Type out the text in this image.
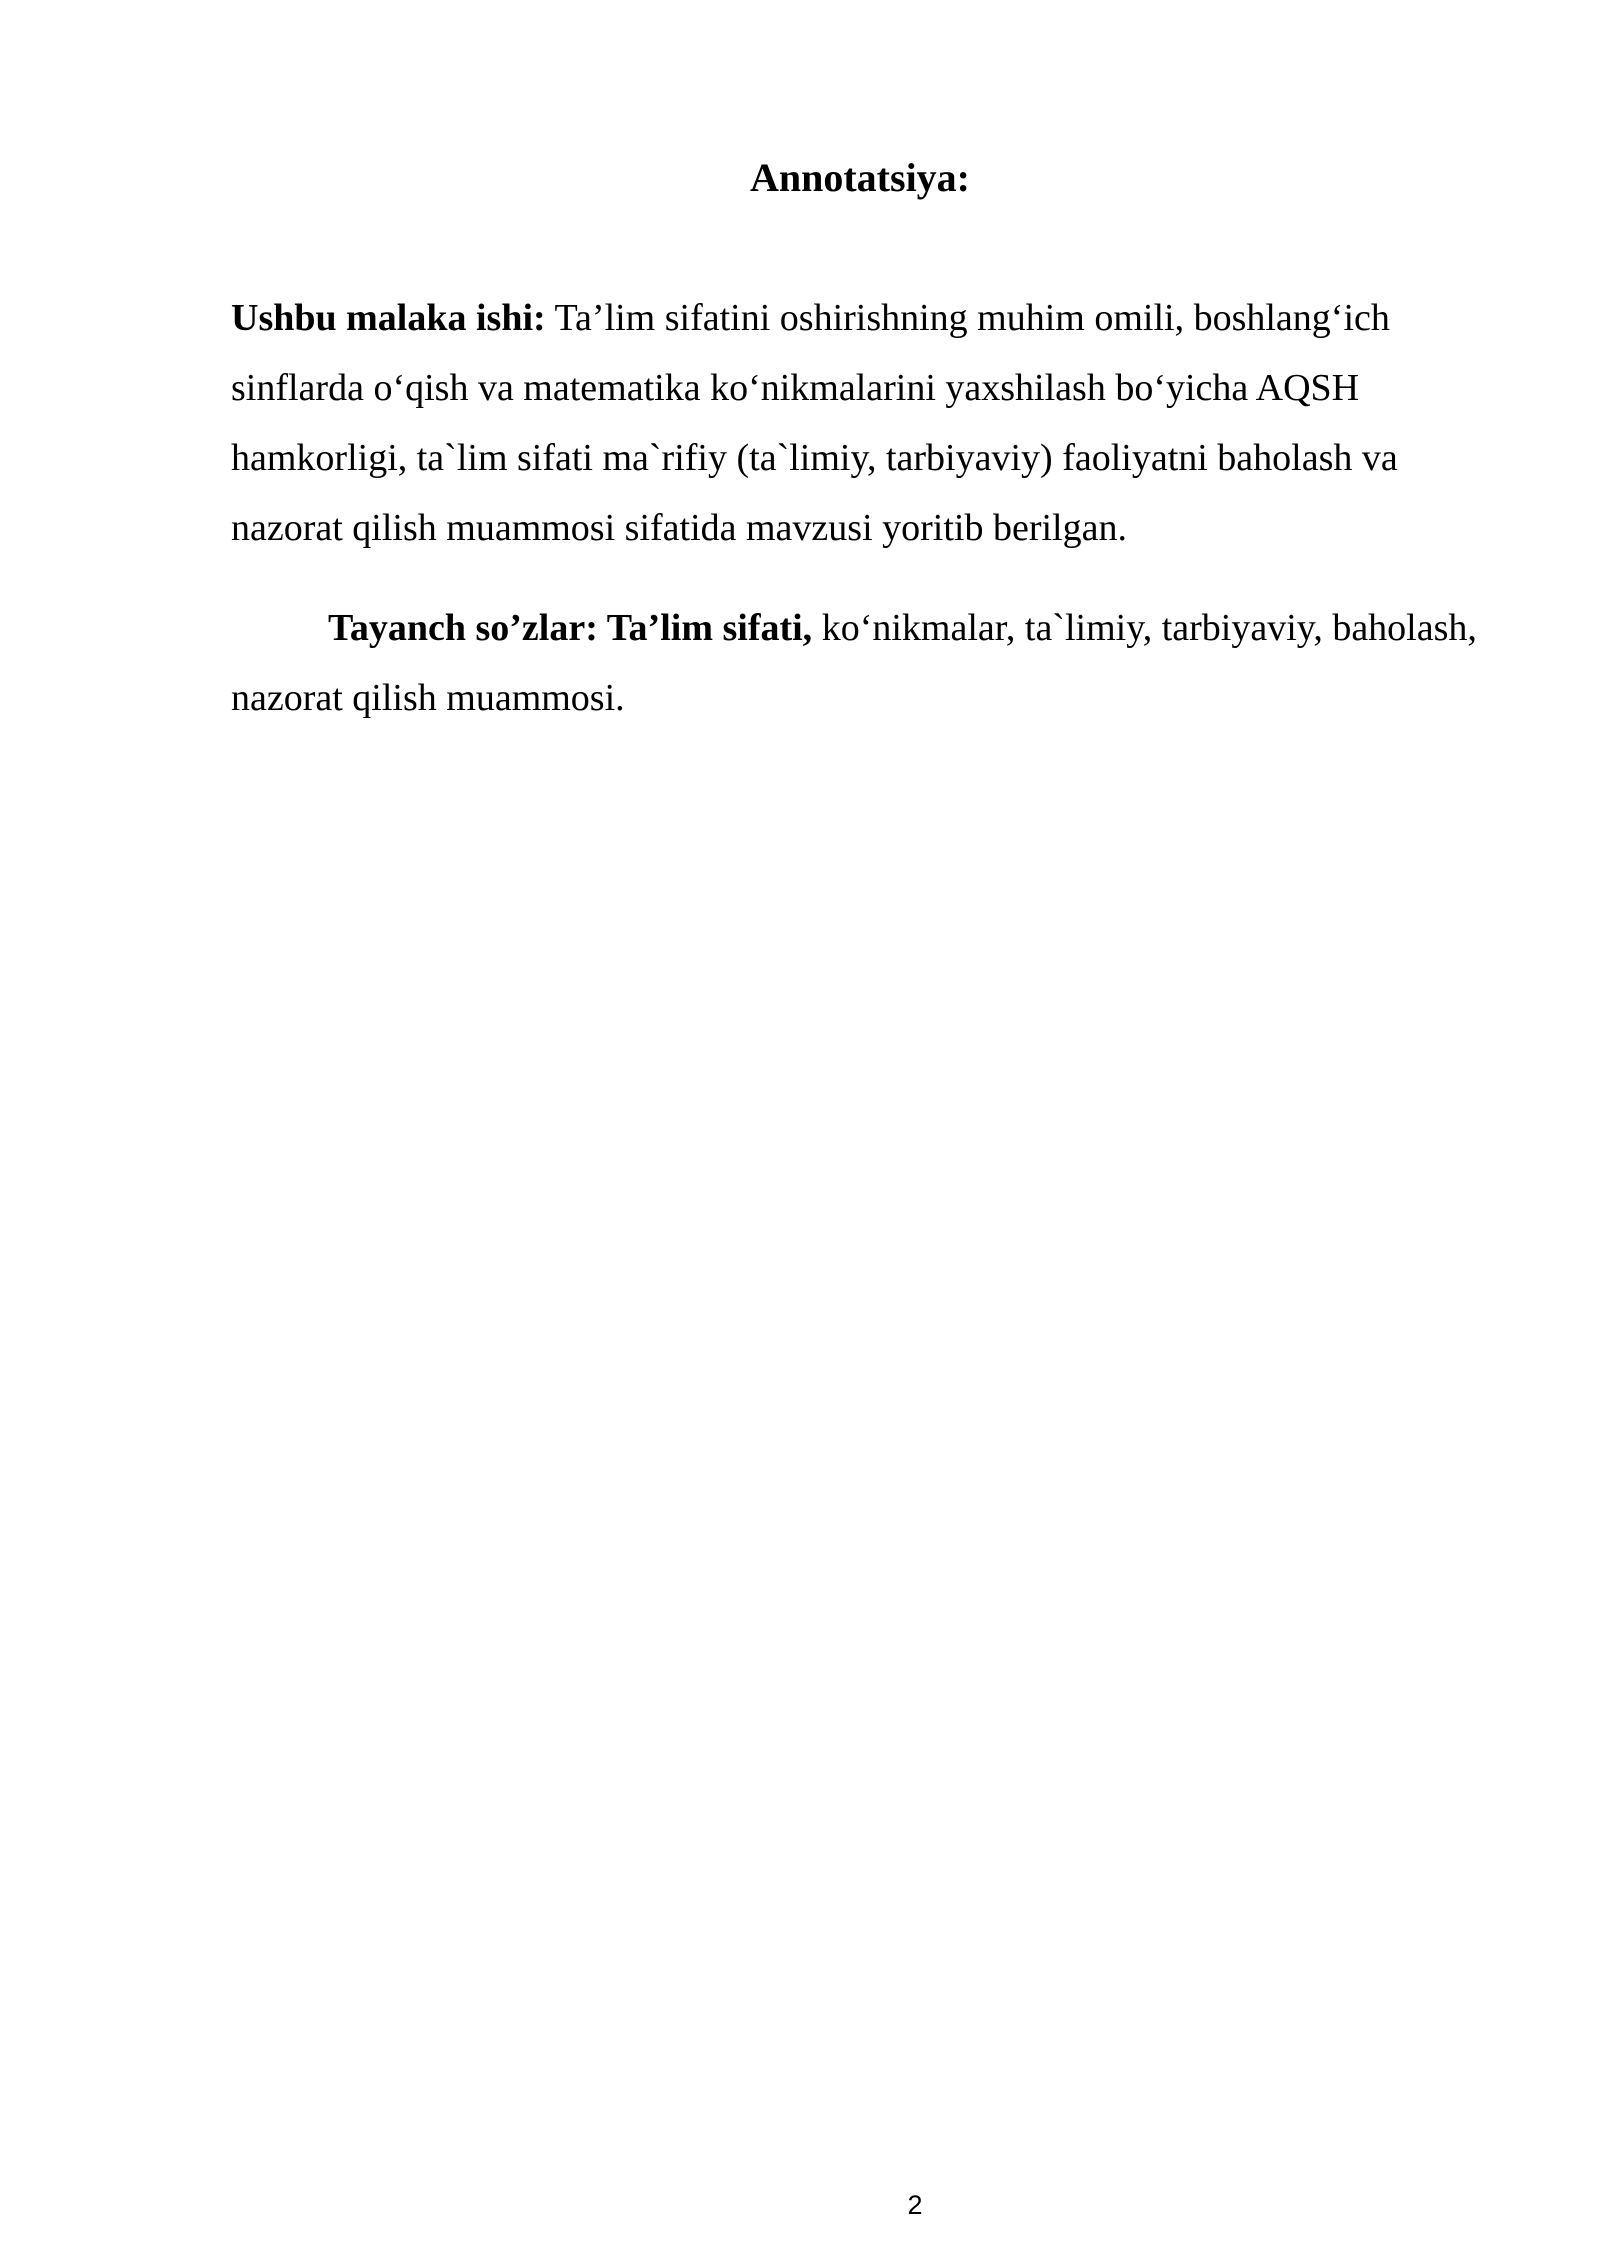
Annotatsiya:

Ushbu malaka ishi: Ta’lim sifatini oshirishning muhim omili, boshlang‘ich sinflarda o‘qish va matematika ko‘nikmalarini yaxshilash bo‘yicha AQSH hamkorligi, ta`lim sifati ma`rifiy (ta`limiy, tarbiyaviy) faoliyatni baholash va nazorat qilish muammosi sifatida mavzusi yoritib berilgan.

Tayanch so’zlar: Ta’lim sifati, ko‘nikmalar, ta`limiy, tarbiyaviy, baholash, nazorat qilish muammosi.

2
